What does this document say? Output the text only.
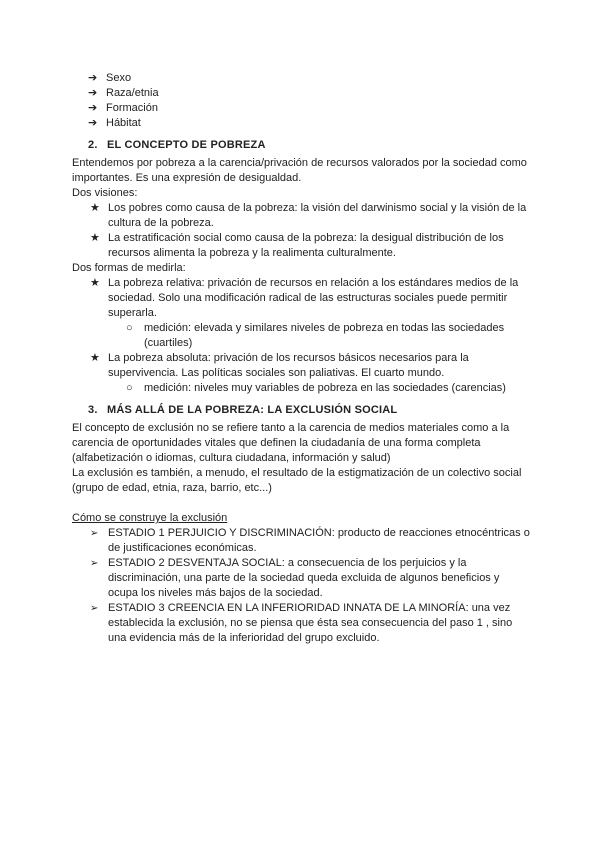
➔ Sexo
➔ Raza/etnia
➔ Formación
➔ Hábitat
2. EL CONCEPTO DE POBREZA

Entendemos por pobreza a la carencia/privación de recursos valorados por la sociedad como importantes. Es una expresión de desigualdad.

Dos visiones:

★ Los pobres como causa de la pobreza: la visión del darwinismo social y la visión de la cultura de la pobreza.
★ La estratificación social como causa de la pobreza: la desigual distribución de los recursos alimenta la pobreza y la realimenta culturalmente.

Dos formas de medirla:

★ La pobreza relativa: privación de recursos en relación a los estándares medios de la sociedad. Solo una modificación radical de las estructuras sociales puede permitir superarla.
○ medición: elevada y similares niveles de pobreza en todas las sociedades (cuartiles)
★ La pobreza absoluta: privación de los recursos básicos necesarios para la supervivencia. Las políticas sociales son paliativas. El cuarto mundo.
○ medición: niveles muy variables de pobreza en las sociedades (carencias)
3. MÁS ALLÁ DE LA POBREZA: LA EXCLUSIÓN SOCIAL

El concepto de exclusión no se refiere tanto a la carencia de medios materiales como a la carencia de oportunidades vitales que definen la ciudadanía de una forma completa (alfabetización o idiomas, cultura ciudadana, información y salud)

La exclusión es también, a menudo, el resultado de la estigmatización de un colectivo social (grupo de edad, etnia, raza, barrio, etc...)

Cómo se construye la exclusión

➢ ESTADIO 1 PERJUICIO Y DISCRIMINACIÓN: producto de reacciones etnocéntricas o de justificaciones económicas.
➢ ESTADIO 2 DESVENTAJA SOCIAL: a consecuencia de los perjuicios y la discriminación, una parte de la sociedad queda excluida de algunos beneficios y ocupa los niveles más bajos de la sociedad.
➢ ESTADIO 3 CREENCIA EN LA INFERIORIDAD INNATA DE LA MINORÍA: una vez establecida la exclusión, no se piensa que ésta sea consecuencia del paso 1 , sino una evidencia más de la inferioridad del grupo excluido.
